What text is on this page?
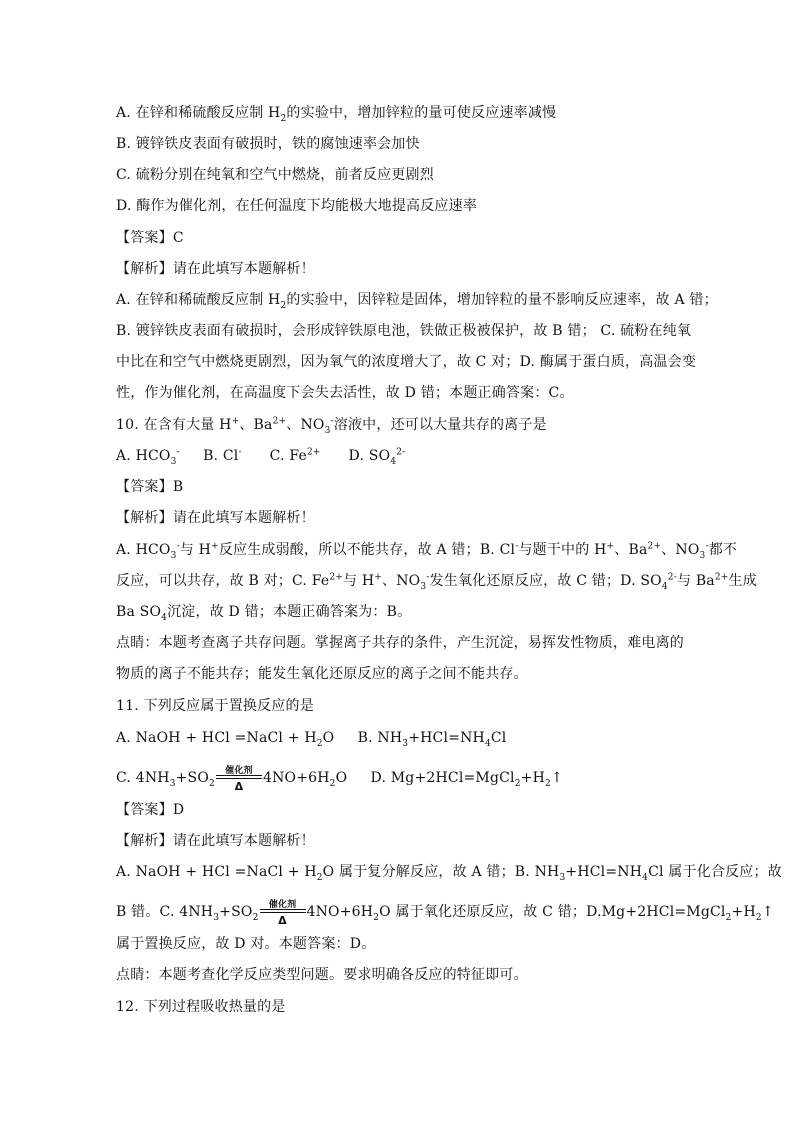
A. 在锌和稀硫酸反应制 $H_2$的实验中，增加锌粒的量可使反应速率减慢
B. 镀锌铁皮表面有破损时，铁的腐蚀速率会加快
C. 硫粉分别在纯氧和空气中燃烧，前者反应更剧烈
D. 酶作为催化剂，在任何温度下均能极大地提高反应速率
【答案】C
【解析】请在此填写本题解析！
A. 在锌和稀硫酸反应制 $H_2$的实验中，因锌粒是固体，增加锌粒的量不影响反应速率，故 A 错；
B. 镀锌铁皮表面有破损时，会形成锌铁原电池，铁做正极被保护，故 B 错； C. 硫粉在纯氧
中比在和空气中燃烧更剧烈，因为氧气的浓度增大了，故 C 对；D. 酶属于蛋白质，高温会变
性，作为催化剂，在高温度下会失去活性，故 D 错；本题正确答案：C。
10. 在含有大量 H+、$Ba^{2+}$、$NO_3^-$溶液中，还可以大量共存的离子是
A. $HCO_3^-$ B. Cl- C. $Fe^{2+}$ D. $SO_4^{2-}$
【答案】B
【解析】请在此填写本题解析！
A. $HCO_3^-$与 H+反应生成弱酸，所以不能共存，故 A 错；B. Cl-与题干中的 H+、$Ba^{2+}$、$NO_3^-$都不
反应，可以共存，故 B 对；C. $Fe^{2+}$与 H+、$NO_3^-$发生氧化还原反应，故 C 错；D. $SO_4^{2-}$与 $Ba^{2+}$生成
Ba $SO_4$沉淀，故 D 错；本题正确答案为：B。
点睛：本题考查离子共存问题。掌握离子共存的条件，产生沉淀，易挥发性物质，难电离的
物质的离子不能共存；能发生氧化还原反应的离子之间不能共存。
11. 下列反应属于置换反应的是
A. NaOH + HCl =NaCl + $H_2O$ B. $NH_3+HCl=NH_4Cl$
C. $4NH_3+SO_2$
催化剂
Δ
$4NO+6H_2O$ D. $Mg+2HCl=MgCl_2+H_2↑$
【答案】D
【解析】请在此填写本题解析！
A. NaOH + HCl =NaCl + $H_2O$ 属于复分解反应，故 A 错；B. $NH_3+HCl=NH_4Cl$ 属于化合反应；故
B 错。C. $4NH_3+SO_2$
催化剂
Δ
$4NO+6H_2O$ 属于氧化还原反应，故 C 错；$D.Mg+2HCl=MgCl_2+H_2↑$
属于置换反应，故 D 对。本题答案：D。
点睛：本题考查化学反应类型问题。要求明确各反应的特征即可。
12. 下列过程吸收热量的是
